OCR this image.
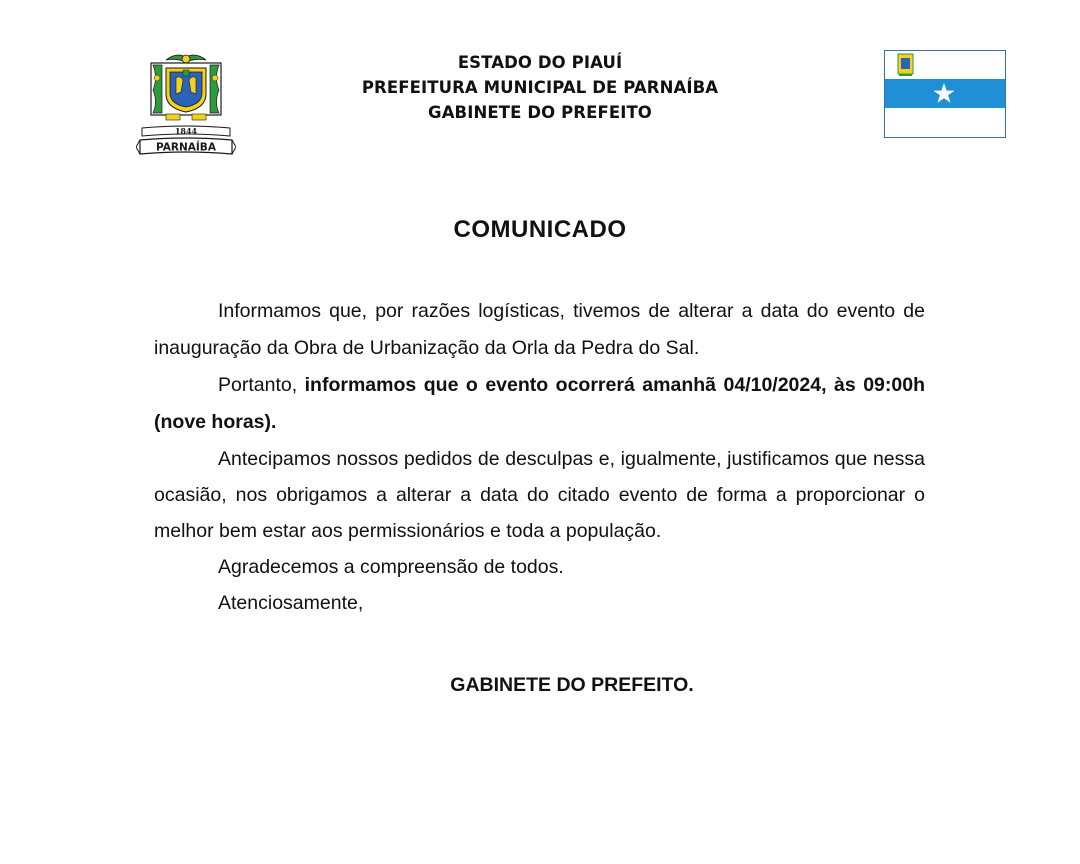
1844
PARNAÍBA
ESTADO DO PIAUÍ
PREFEITURA MUNICIPAL DE PARNAÍBA
GABINETE DO PREFEITO
COMUNICADO

Informamos que, por razões logísticas, tivemos de alterar a data do evento de inauguração da Obra de Urbanização da Orla da Pedra do Sal.

Portanto, informamos que o evento ocorrerá amanhã 04/10/2024, às 09:00h (nove horas).

Antecipamos nossos pedidos de desculpas e, igualmente, justificamos que nessa ocasião, nos obrigamos a alterar a data do citado evento de forma a proporcionar o melhor bem estar aos permissionários e toda a população.

Agradecemos a compreensão de todos.

Atenciosamente,

GABINETE DO PREFEITO.
